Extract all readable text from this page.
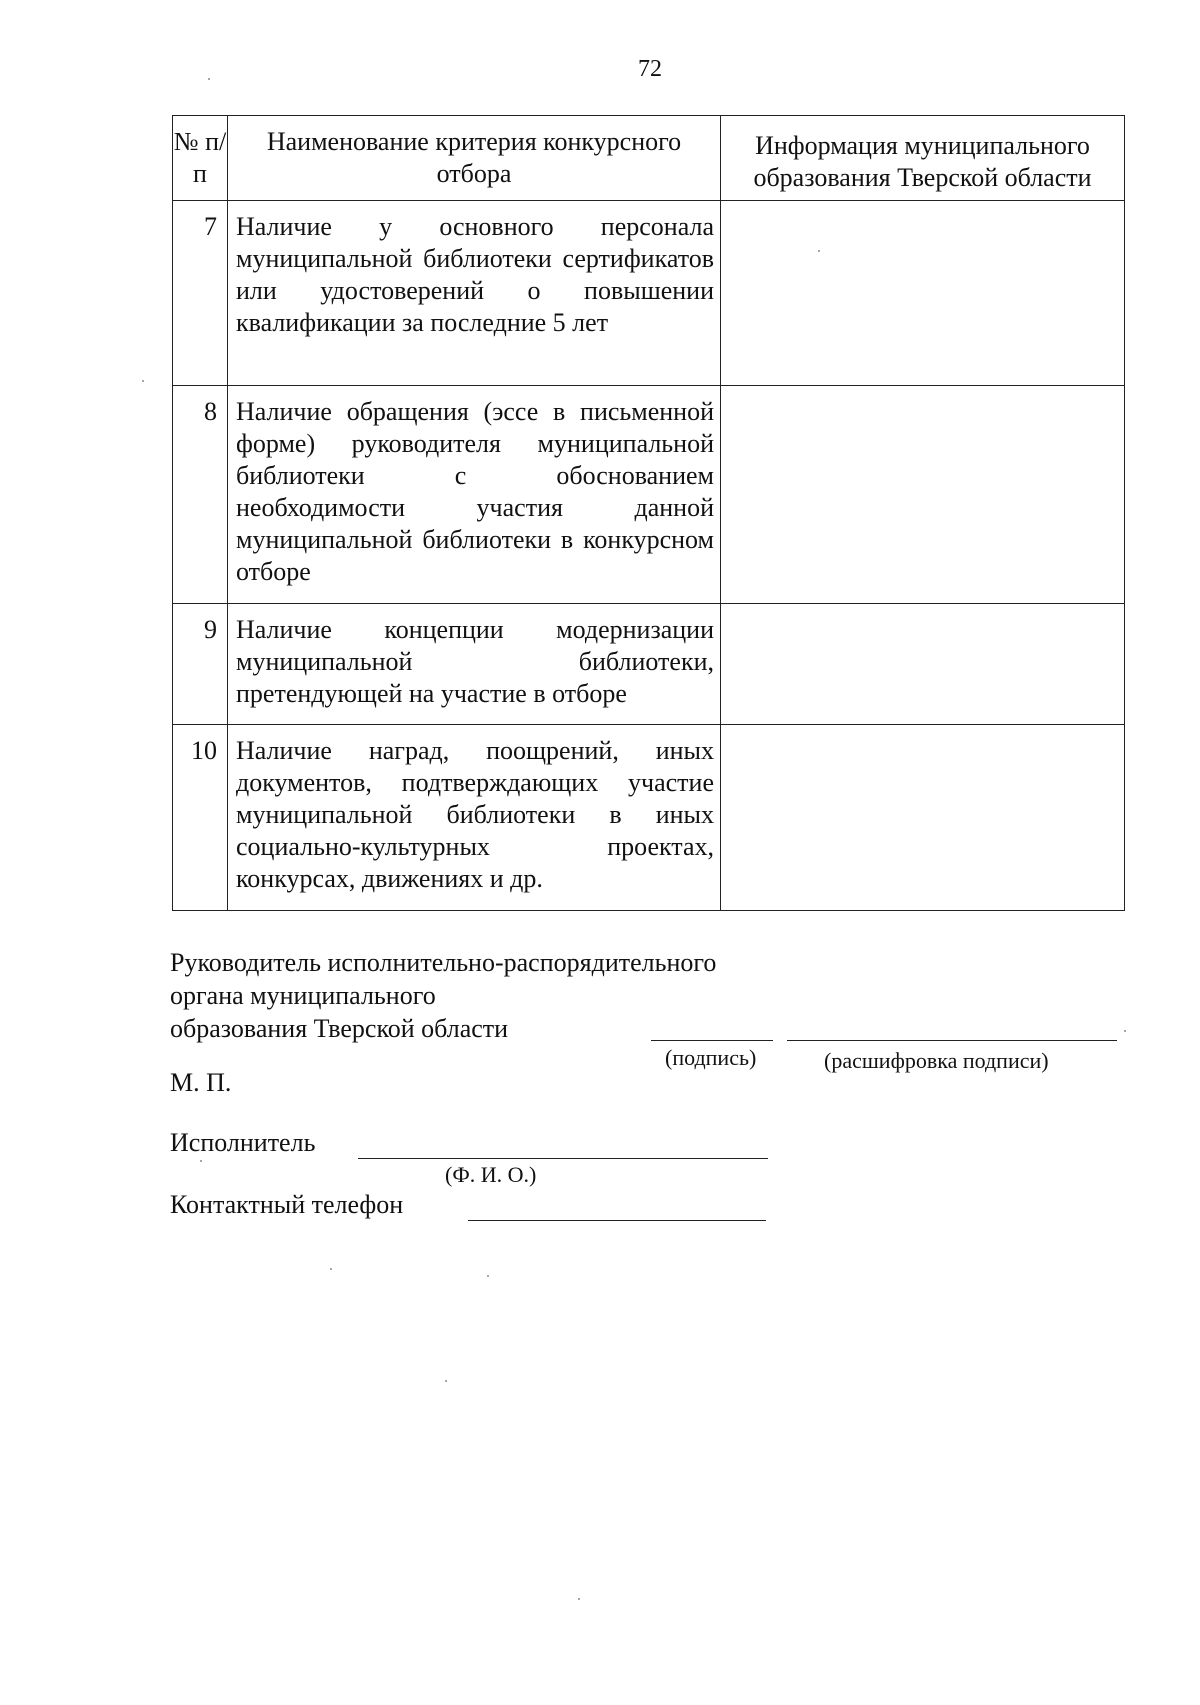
72
№ п/п	Наименование критерия конкурсного отбора	Информация муниципального образования Тверской области
7	Наличие у основного персонала муниципальной библиотеки сертификатов или удостоверений о повышении квалификации за последние 5 лет	
8	Наличие обращения (эссе в письменной форме) руководителя муниципальной библиотеки с обоснованием необходимости участия данной муниципальной библиотеки в конкурсном отборе	
9	Наличие концепции модернизации муниципальной библиотеки, претендующей на участие в отборе	
10	Наличие наград, поощрений, иных документов, подтверждающих участие муниципальной библиотеки в иных социально-культурных проектах, конкурсах, движениях и др.	
Руководитель исполнительно-распорядительного
органа муниципального
образования Тверской области
(подпись)	(расшифровка подписи)
М. П.
Исполнитель
(Ф. И. О.)
Контактный телефон
